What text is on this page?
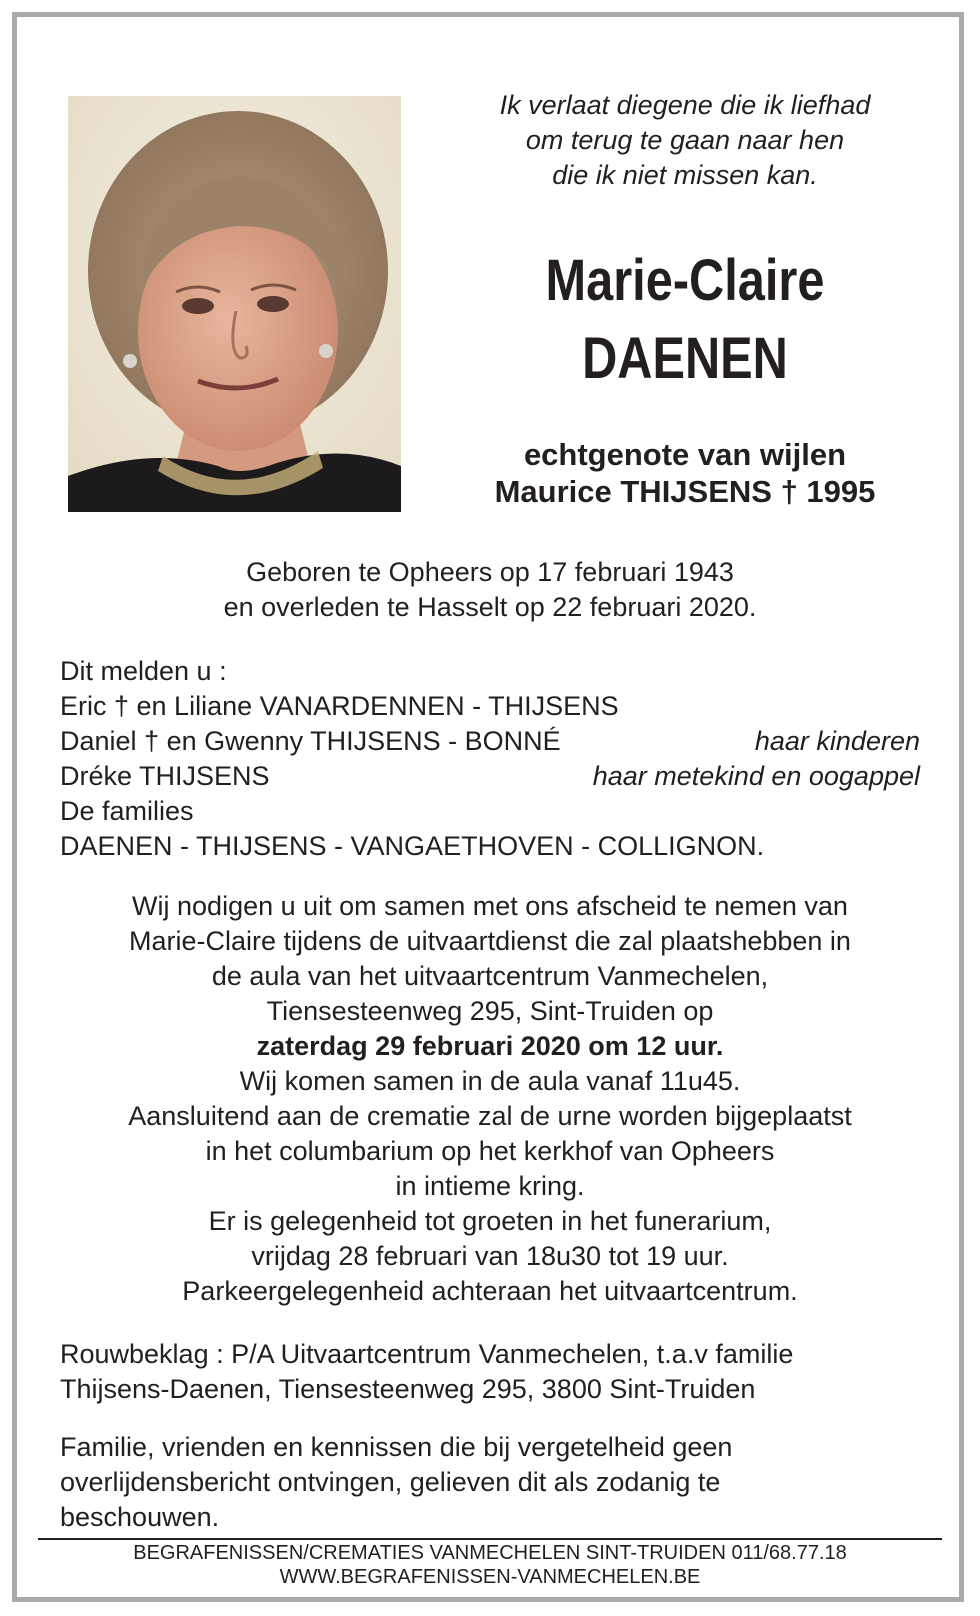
Ik verlaat diegene die ik liefhad
om terug te gaan naar hen
die ik niet missen kan.
Marie-Claire
DAENEN
echtgenote van wijlen
Maurice THIJSENS † 1995
Geboren te Opheers op 17 februari 1943
en overleden te Hasselt op 22 februari 2020.
Dit melden u :
Eric † en Liliane VANARDENNEN - THIJSENS
Daniel † en Gwenny THIJSENS - BONNÉ	haar kinderen
Dréke THIJSENS	haar metekind en oogappel
De families
DAENEN - THIJSENS - VANGAETHOVEN - COLLIGNON.
Wij nodigen u uit om samen met ons afscheid te nemen van
Marie-Claire tijdens de uitvaartdienst die zal plaatshebben in
de aula van het uitvaartcentrum Vanmechelen,
Tiensesteenweg 295, Sint-Truiden op
zaterdag 29 februari 2020 om 12 uur.
Wij komen samen in de aula vanaf 11u45.
Aansluitend aan de crematie zal de urne worden bijgeplaatst
in het columbarium op het kerkhof van Opheers
in intieme kring.
Er is gelegenheid tot groeten in het funerarium,
vrijdag 28 februari van 18u30 tot 19 uur.
Parkeergelegenheid achteraan het uitvaartcentrum.
Rouwbeklag : P/A Uitvaartcentrum Vanmechelen, t.a.v familie
Thijsens-Daenen, Tiensesteenweg 295, 3800 Sint-Truiden
Familie, vrienden en kennissen die bij vergetelheid geen
overlijdensbericht ontvingen, gelieven dit als zodanig te
beschouwen.
BEGRAFENISSEN/CREMATIES VANMECHELEN SINT-TRUIDEN 011/68.77.18
WWW.BEGRAFENISSEN-VANMECHELEN.BE
